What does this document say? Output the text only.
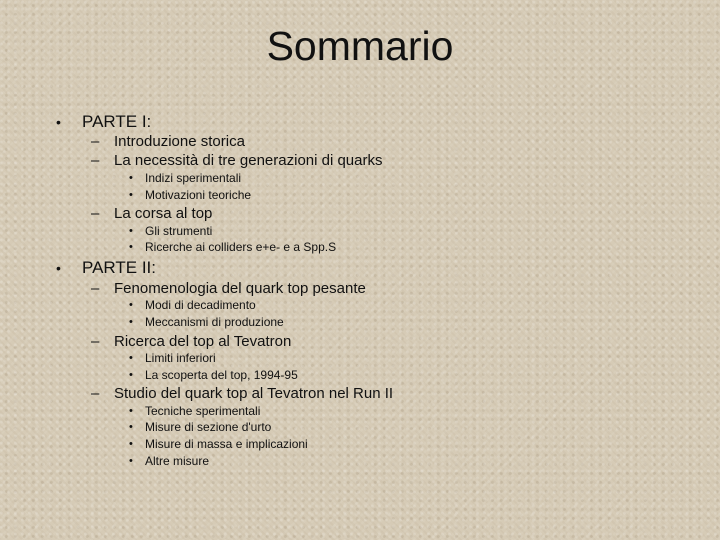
Sommario
• PARTE I:
– Introduzione storica
– La necessità di tre generazioni di quarks
• Indizi sperimentali
• Motivazioni teoriche
– La corsa al top
• Gli strumenti
• Ricerche ai colliders e+e- e a Spp.S
• PARTE II:
– Fenomenologia del quark top pesante
• Modi di decadimento
• Meccanismi di produzione
– Ricerca del top al Tevatron
• Limiti inferiori
• La scoperta del top, 1994-95
– Studio del quark top al Tevatron nel Run II
• Tecniche sperimentali
• Misure di sezione d'urto
• Misure di massa e implicazioni
• Altre misure
